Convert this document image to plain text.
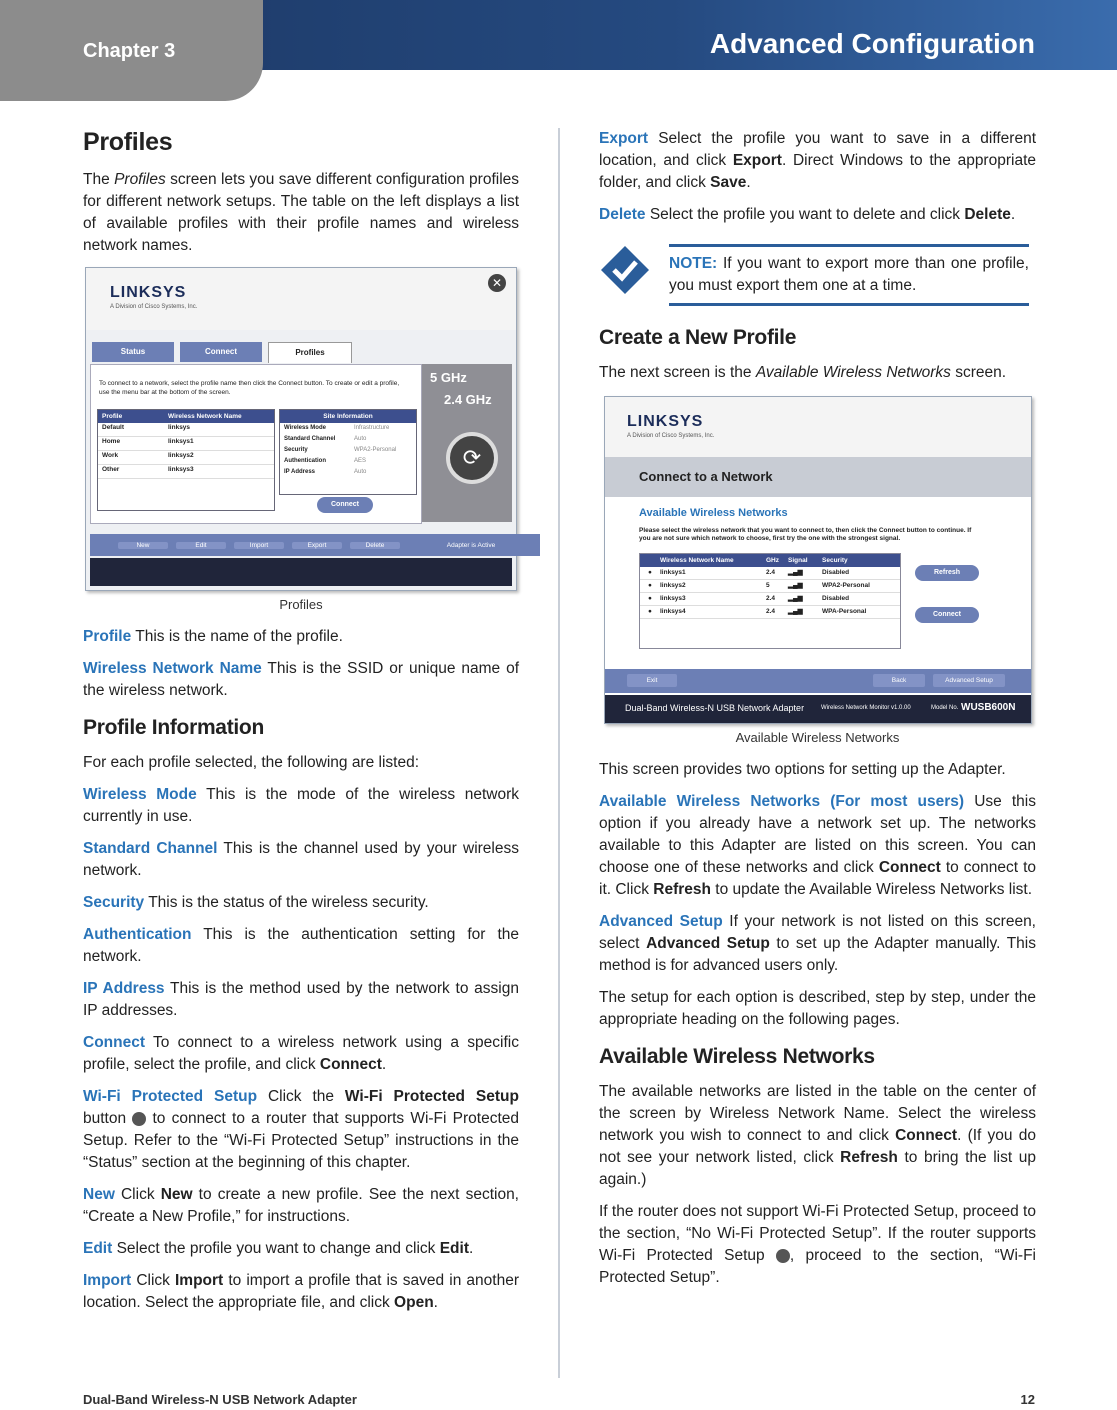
Chapter 3	Advanced Configuration
Profiles

The Profiles screen lets you save different configuration profiles for different network setups. The table on the left displays a list of available profiles with their profile names and wireless network names.

LINKSYS
A Division of Cisco Systems, Inc.
✕
Status	Connect	Profiles
To connect to a network, select the profile name then click the Connect button. To create or edit a profile, use the menu bar at the bottom of the screen.
Profile	Wireless Network Name
Default	linksys
Home	linksys1
Work	linksys2
Other	linksys3
Site Information
Wireless Mode	Infrastructure
Standard Channel	Auto
Security	WPA2-Personal
Authentication	AES
IP Address	Auto
Connect
5 GHz
2.4 GHz
⟳
New	Edit	Import	Export	Delete	Adapter is Active
Profiles

Profile This is the name of the profile.

Wireless Network Name This is the SSID or unique name of the wireless network.

Profile Information

For each profile selected, the following are listed:

Wireless Mode This is the mode of the wireless network currently in use.

Standard Channel This is the channel used by your wireless network.

Security This is the status of the wireless security.

Authentication This is the authentication setting for the network.

IP Address This is the method used by the network to assign IP addresses.

Connect To connect to a wireless network using a specific profile, select the profile, and click Connect.

Wi-Fi Protected Setup Click the Wi-Fi Protected Setup button  to connect to a router that supports Wi-Fi Protected Setup. Refer to the “Wi-Fi Protected Setup” instructions in the “Status” section at the beginning of this chapter.

New Click New to create a new profile. See the next section, “Create a New Profile,” for instructions.

Edit Select the profile you want to change and click Edit.

Import Click Import to import a profile that is saved in another location. Select the appropriate file, and click Open.

Export Select the profile you want to save in a different location, and click Export. Direct Windows to the appropriate folder, and click Save.

Delete Select the profile you want to delete and click Delete.

NOTE: If you want to export more than one profile, you must export them one at a time.

Create a New Profile

The next screen is the Available Wireless Networks screen.

LINKSYS
A Division of Cisco Systems, Inc.
Connect to a Network
Available Wireless Networks
Please select the wireless network that you want to connect to, then click the Connect button to continue. If you are not sure which network to choose, first try the one with the strongest signal.
Wireless Network Name	GHz	Signal	Security
●	linksys1	2.4	▂▄▆	Disabled
●	linksys2	5	▂▄▆	WPA2-Personal
●	linksys3	2.4	▂▄▆	Disabled
●	linksys4	2.4	▂▄▆	WPA-Personal
Refresh
Connect
Exit	Back	Advanced Setup
Dual-Band Wireless-N USB Network Adapter	Wireless Network Monitor v1.0.00	Model No. WUSB600N
Available Wireless Networks

This screen provides two options for setting up the Adapter.

Available Wireless Networks (For most users) Use this option if you already have a network set up. The networks available to this Adapter are listed on this screen. You can choose one of these networks and click Connect to connect to it. Click Refresh to update the Available Wireless Networks list.

Advanced Setup If your network is not listed on this screen, select Advanced Setup to set up the Adapter manually. This method is for advanced users only.

The setup for each option is described, step by step, under the appropriate heading on the following pages.

Available Wireless Networks

The available networks are listed in the table on the center of the screen by Wireless Network Name. Select the wireless network you wish to connect to and click Connect. (If you do not see your network listed, click Refresh to bring the list up again.)

If the router does not support Wi-Fi Protected Setup, proceed to the section, “No Wi-Fi Protected Setup”. If the router supports Wi-Fi Protected Setup , proceed to the section, “Wi-Fi Protected Setup”.

Dual-Band Wireless-N USB Network Adapter	12
